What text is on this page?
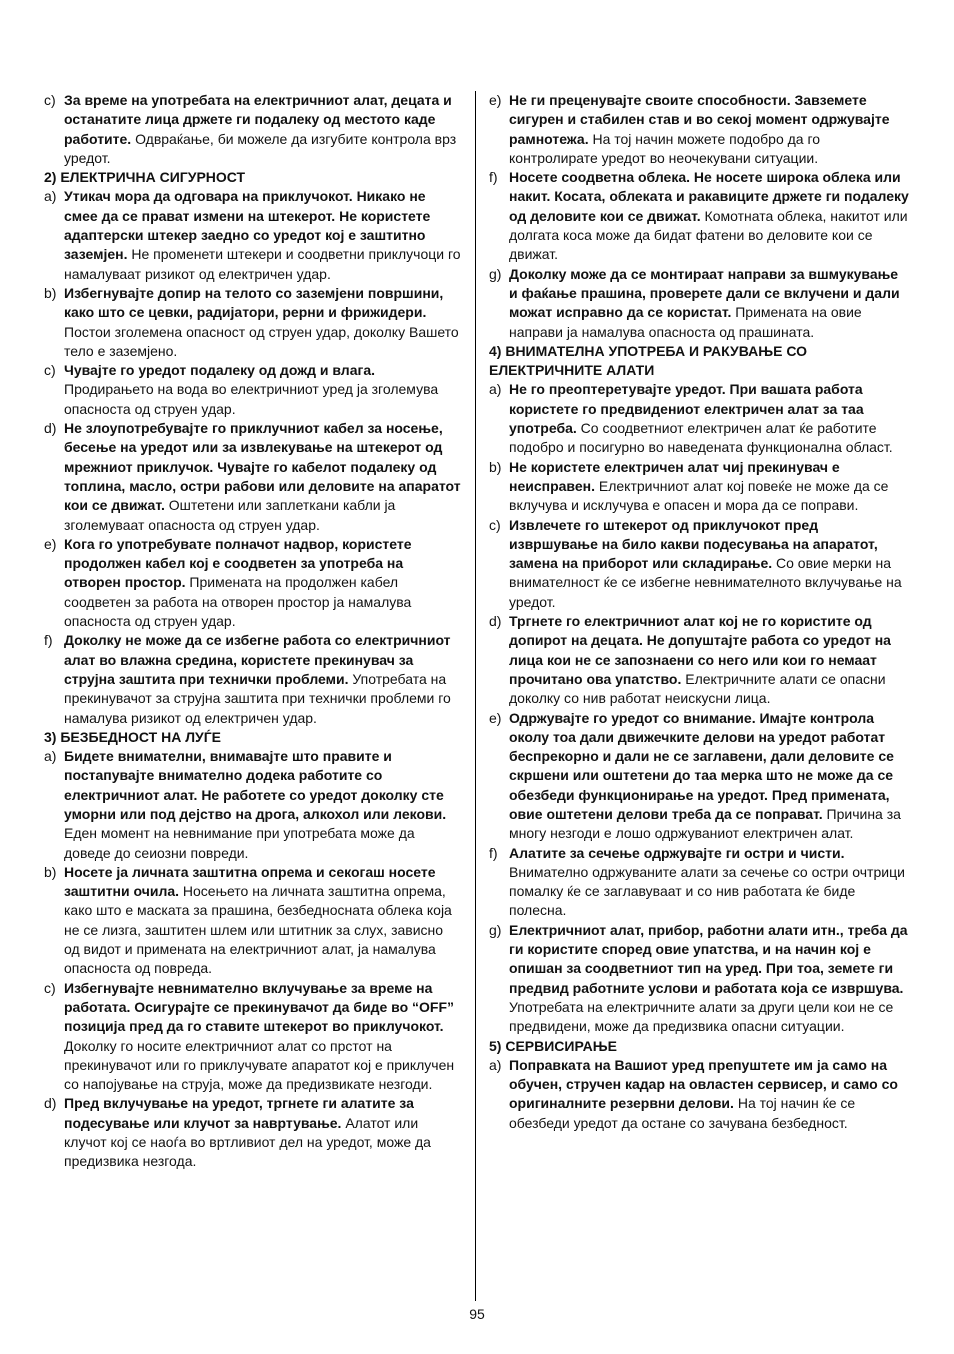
c) За време на употребата на електричниот алат, децата и останатите лица држете ги подалеку од местото каде работите. Одвраќање, би можеле да изгубите контрола врз уредот.
2) ЕЛЕКТРИЧНА СИГУРНОСТ
a) Утикач мора да одговара на приклучокот. Никако не смее да се прават измени на штекерот. Не користете адаптерски штекер заедно со уредот кој е заштитно заземјен. Не променети штекери и соодветни приклучоци го намалуваат ризикот од електричен удар.
b) Избегнувајте допир на телото со заземјени површини, како што се цевки, радијатори, рерни и фрижидери. Постои зголемена опасност од струен удар, доколку Вашето тело е заземјено.
c) Чувајте го уредот подалеку од дожд и влага. Продирањето на вода во електричниот уред ја зголемува опасноста од струен удар.
d) Не злоупотребувајте го приклучниот кабел за носење, бесење на уредот или за извлекување на штекерот од мрежниот приклучок. Чувајте го кабелот подалеку од топлина, масло, остри рабови или деловите на апаратот кои се движат. Оштетени или заплеткани кабли ја зголемуваат опасноста од струен удар.
e) Кога го употребувате полначот надвор, користете продолжен кабел кој е соодветен за употреба на отворен простор. Примената на продолжен кабел соодветен за работа на отворен простор ја намалува опасноста од струен удар.
f) Доколку не може да се избегне работа со електричниот алат во влажна средина, користете прекинувач за струјна заштита при технички проблеми. Употребата на прекинувачот за струјна заштита при технички проблеми го намалува ризикот од електричен удар.
3) БЕЗБЕДНОСТ НА ЛУЃЕ
a) Бидете внимателни, внимавајте што правите и постапувајте внимателно додека работите со електричниот алат. Не работете со уредот доколку сте уморни или под дејство на дрога, алкохол или лекови. Еден момент на невнимание при употребата може да доведе до сеиозни повреди.
b) Носете ја личната заштитна опрема и секогаш носете заштитни очила. Носењето на личната заштитна опрема, како што е маската за прашина, безбедносната облека која не се лизга, заштитен шлем или штитник за слух, зависно од видот и примената на електричниот алат, ја намалува опасноста од повреда.
c) Избегнувајте невнимателно вклучување за време на работата. Осигурајте се прекинувачот да биде во “OFF” позиција пред да го ставите штекерот во приклучокот. Доколку го носите електричниот алат со прстот на прекинувачот или го приклучувате апаратот кој е приклучен со напојување на струја, може да предизвикате незгоди.
d) Пред вклучување на уредот, тргнете ги алатите за подесување или клучот за навртување. Алатот или клучот кој се наоѓа во вртливиот дел на уредот, може да предизвика незгода.
e) Не ги преценувајте своите способности. Завземете сигурен и стабилен став и во секој момент одржувајте рамнотежа. На тој начин можете подобро да го контролирате уредот во неочекувани ситуации.
f) Носете соодветна облека. Не носете широка облека или накит. Косата, облеката и ракавиците држете ги подалеку од деловите кои се движат. Комотната облека, накитот или долгата коса може да бидат фатени во деловите кои се движат.
g) Доколку може да се монтираат направи за вшмукување и фаќање прашина, проверете дали се вклучени и дали можат исправно да се користат. Примената на овие направи ја намалува опасноста од прашината.
4) ВНИМАТЕЛНА УПОТРЕБА И РАКУВАЊЕ СО ЕЛЕКТРИЧНИТЕ АЛАТИ
a) Не го преоптеретувајте уредот. При вашата работа користете го предвидениот електричен алат за таа употреба. Со соодветниот електричен алат ќе работите подобро и посигурно во наведената функционална област.
b) Не користете електричен алат чиј прекинувач е неисправен. Електричниот алат кој повеќе не може да се вклучува и исклучува е опасен и мора да се поправи.
c) Извлечете го штекерот од приклучокот пред извршување на било какви подесувања на апаратот, замена на приборот или складирање. Со овие мерки на внимателност ќе се избегне невнимателното вклучување на уредот.
d) Тргнете го електричниот алат кој не го користите од допирот на децата. Не допуштајте работа со уредот на лица кои не се запознаени со него или кои го немаат прочитано ова упатство. Електричните алати се опасни доколку со нив работат неискусни лица.
e) Одржувајте го уредот со внимание. Имајте контрола околу тоа дали движечките делови на уредот работат беспрекорно и дали не се заглавени, дали деловите се скршени или оштетени до таа мерка што не може да се обезбеди функционирање на уредот. Пред примената, овие оштетени делови треба да се поправат. Причина за многу незгоди е лошо одржуваниот електричен алат.
f) Алатите за сечење одржувајте ги остри и чисти. Внимателно одржуваните алати за сечење со остри очтрици помалку ќе се заглавуваат и со нив работата ќе биде полесна.
g) Електричниот алат, прибор, работни алати итн., треба да ги користите според овие упатства, и на начин кој е опишан за соодветниот тип на уред. При тоа, земете ги предвид работните услови и работата која се извршува. Употребата на електричните алати за други цели кои не се предвидени, може да предизвика опасни ситуации.
5) СЕРВИСИРАЊЕ
a) Поправката на Вашиот уред препуштете им ја само на обучен, стручен кадар на овластен сервисер, и само со оригиналните резервни делови. На тој начин ќе се обезбеди уредот да остане со зачувана безбедност.
95
